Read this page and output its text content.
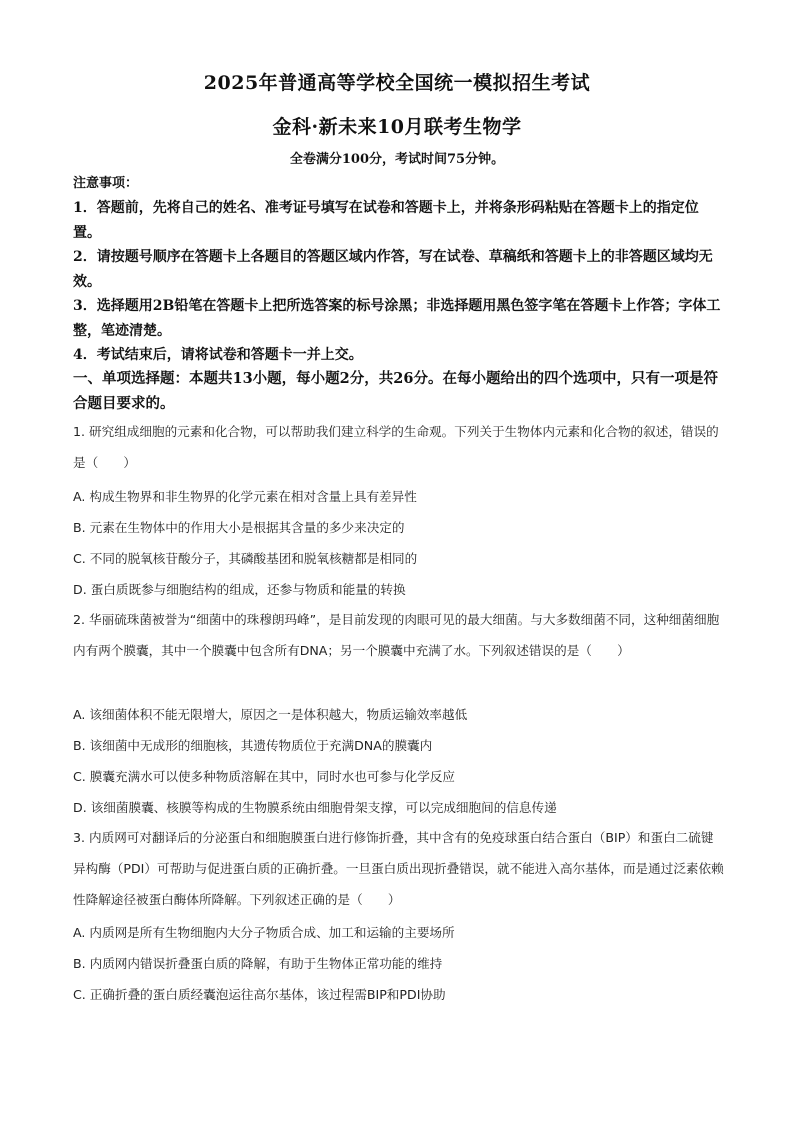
2025年普通高等学校全国统一模拟招生考试
金科·新未来10月联考生物学
全卷满分100分，考试时间75分钟。
注意事项：
1．答题前，先将自己的姓名、准考证号填写在试卷和答题卡上，并将条形码粘贴在答题卡上的指定位置。
2．请按题号顺序在答题卡上各题目的答题区域内作答，写在试卷、草稿纸和答题卡上的非答题区域均无效。
3．选择题用2B铅笔在答题卡上把所选答案的标号涂黑；非选择题用黑色签字笔在答题卡上作答；字体工整，笔迹清楚。
4．考试结束后，请将试卷和答题卡一并上交。
一、单项选择题：本题共13小题，每小题2分，共26分。在每小题给出的四个选项中，只有一项是符合题目要求的。
1. 研究组成细胞的元素和化合物，可以帮助我们建立科学的生命观。下列关于生物体内元素和化合物的叙述，错误的是（　　）
A. 构成生物界和非生物界的化学元素在相对含量上具有差异性
B. 元素在生物体中的作用大小是根据其含量的多少来决定的
C. 不同的脱氧核苷酸分子，其磷酸基团和脱氧核糖都是相同的
D. 蛋白质既参与细胞结构的组成，还参与物质和能量的转换
2. 华丽硫珠菌被誉为“细菌中的珠穆朗玛峰”，是目前发现的肉眼可见的最大细菌。与大多数细菌不同，这种细菌细胞内有两个膜囊，其中一个膜囊中包含所有DNA；另一个膜囊中充满了水。下列叙述错误的是（　　）
A. 该细菌体积不能无限增大，原因之一是体积越大，物质运输效率越低
B. 该细菌中无成形的细胞核，其遗传物质位于充满DNA的膜囊内
C. 膜囊充满水可以使多种物质溶解在其中，同时水也可参与化学反应
D. 该细菌膜囊、核膜等构成的生物膜系统由细胞骨架支撑，可以完成细胞间的信息传递
3. 内质网可对翻译后的分泌蛋白和细胞膜蛋白进行修饰折叠，其中含有的免疫球蛋白结合蛋白（BIP）和蛋白二硫键异构酶（PDI）可帮助与促进蛋白质的正确折叠。一旦蛋白质出现折叠错误，就不能进入高尔基体，而是通过泛素依赖性降解途径被蛋白酶体所降解。下列叙述正确的是（　　）
A. 内质网是所有生物细胞内大分子物质合成、加工和运输的主要场所
B. 内质网内错误折叠蛋白质的降解，有助于生物体正常功能的维持
C. 正确折叠的蛋白质经囊泡运往高尔基体，该过程需BIP和PDI协助
